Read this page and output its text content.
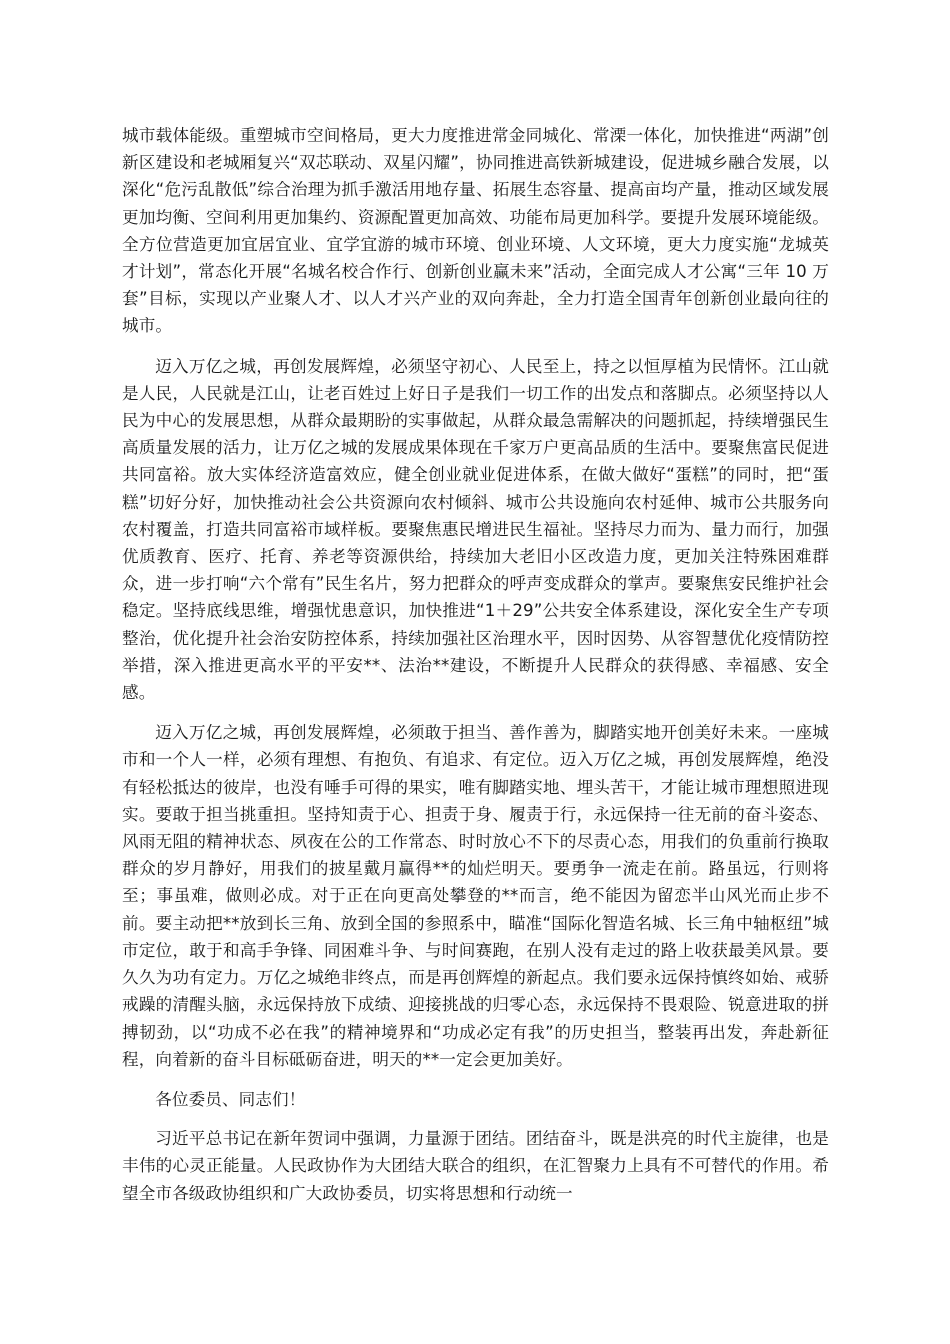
城市载体能级。重塑城市空间格局，更大力度推进常金同城化、常溧一体化，加快推进“两湖”创新区建设和老城厢复兴“双芯联动、双星闪耀”，协同推进高铁新城建设，促进城乡融合发展，以深化“危污乱散低”综合治理为抓手激活用地存量、拓展生态容量、提高亩均产量，推动区域发展更加均衡、空间利用更加集约、资源配置更加高效、功能布局更加科学。要提升发展环境能级。全方位营造更加宜居宜业、宜学宜游的城市环境、创业环境、人文环境，更大力度实施“龙城英才计划”，常态化开展“名城名校合作行、创新创业赢未来”活动，全面完成人才公寓“三年 10 万套”目标，实现以产业聚人才、以人才兴产业的双向奔赴，全力打造全国青年创新创业最向往的城市。

迈入万亿之城，再创发展辉煌，必须坚守初心、人民至上，持之以恒厚植为民情怀。江山就是人民，人民就是江山，让老百姓过上好日子是我们一切工作的出发点和落脚点。必须坚持以人民为中心的发展思想，从群众最期盼的实事做起，从群众最急需解决的问题抓起，持续增强民生高质量发展的活力，让万亿之城的发展成果体现在千家万户更高品质的生活中。要聚焦富民促进共同富裕。放大实体经济造富效应，健全创业就业促进体系，在做大做好“蛋糕”的同时，把“蛋糕”切好分好，加快推动社会公共资源向农村倾斜、城市公共设施向农村延伸、城市公共服务向农村覆盖，打造共同富裕市域样板。要聚焦惠民增进民生福祉。坚持尽力而为、量力而行，加强优质教育、医疗、托育、养老等资源供给，持续加大老旧小区改造力度，更加关注特殊困难群众，进一步打响“六个常有”民生名片，努力把群众的呼声变成群众的掌声。要聚焦安民维护社会稳定。坚持底线思维，增强忧患意识，加快推进“1＋29”公共安全体系建设，深化安全生产专项整治，优化提升社会治安防控体系，持续加强社区治理水平，因时因势、从容智慧优化疫情防控举措，深入推进更高水平的平安**、法治**建设，不断提升人民群众的获得感、幸福感、安全感。

迈入万亿之城，再创发展辉煌，必须敢于担当、善作善为，脚踏实地开创美好未来。一座城市和一个人一样，必须有理想、有抱负、有追求、有定位。迈入万亿之城，再创发展辉煌，绝没有轻松抵达的彼岸，也没有唾手可得的果实，唯有脚踏实地、埋头苦干，才能让城市理想照进现实。要敢于担当挑重担。坚持知责于心、担责于身、履责于行，永远保持一往无前的奋斗姿态、风雨无阻的精神状态、夙夜在公的工作常态、时时放心不下的尽责心态，用我们的负重前行换取群众的岁月静好，用我们的披星戴月赢得**的灿烂明天。要勇争一流走在前。路虽远，行则将至；事虽难，做则必成。对于正在向更高处攀登的**而言，绝不能因为留恋半山风光而止步不前。要主动把**放到长三角、放到全国的参照系中，瞄准“国际化智造名城、长三角中轴枢纽”城市定位，敢于和高手争锋、同困难斗争、与时间赛跑，在别人没有走过的路上收获最美风景。要久久为功有定力。万亿之城绝非终点，而是再创辉煌的新起点。我们要永远保持慎终如始、戒骄戒躁的清醒头脑，永远保持放下成绩、迎接挑战的归零心态，永远保持不畏艰险、锐意进取的拼搏韧劲，以“功成不必在我”的精神境界和“功成必定有我”的历史担当，整装再出发，奔赴新征程，向着新的奋斗目标砥砺奋进，明天的**一定会更加美好。

各位委员、同志们！

习近平总书记在新年贺词中强调，力量源于团结。团结奋斗，既是洪亮的时代主旋律，也是丰伟的心灵正能量。人民政协作为大团结大联合的组织，在汇智聚力上具有不可替代的作用。希望全市各级政协组织和广大政协委员，切实将思想和行动统一
